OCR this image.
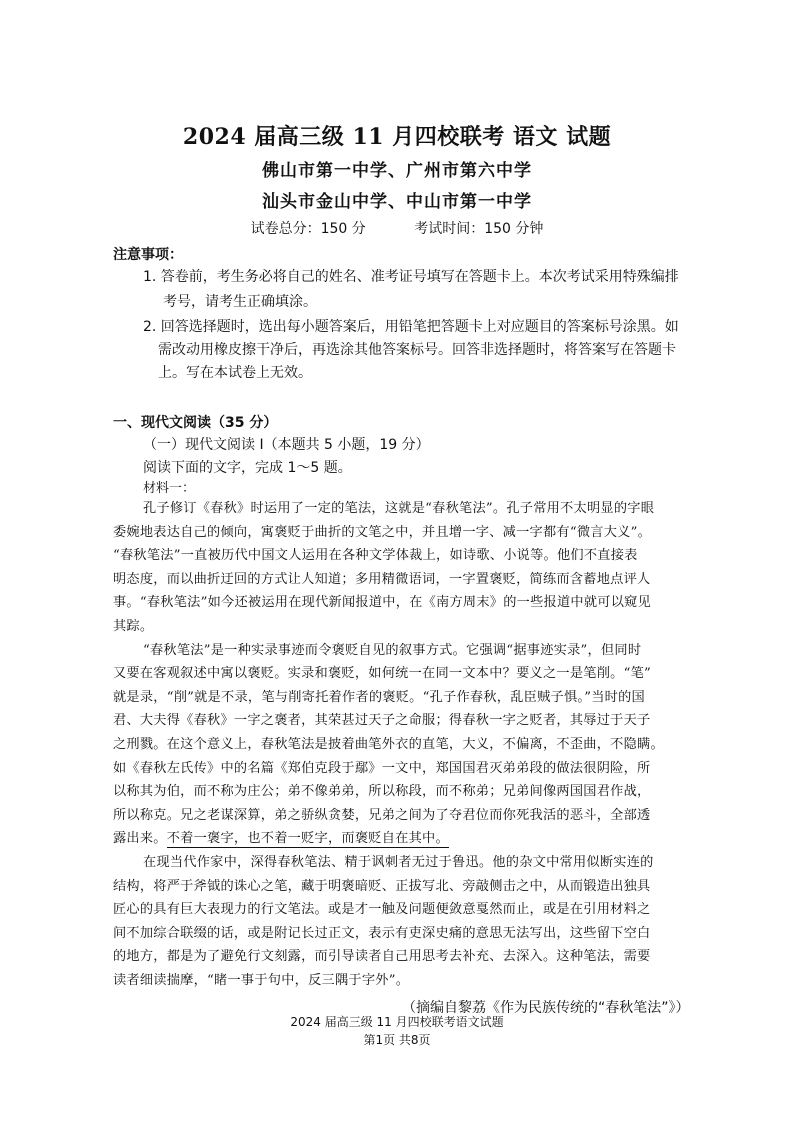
2024 届高三级 11 月四校联考 语文 试题
佛山市第一中学、广州市第六中学
汕头市金山中学、中山市第一中学
试卷总分：150 分	考试时间：150 分钟
注意事项：
1. 答卷前，考生务必将自己的姓名、准考证号填写在答题卡上。本次考试采用特殊编排
考号，请考生正确填涂。
2. 回答选择题时，选出每小题答案后，用铅笔把答题卡上对应题目的答案标号涂黑。如
需改动用橡皮擦干净后，再选涂其他答案标号。回答非选择题时，将答案写在答题卡
上。写在本试卷上无效。
一、现代文阅读（35 分）
（一）现代文阅读 I（本题共 5 小题，19 分）
阅读下面的文字，完成 1～5 题。
材料一：
孔子修订《春秋》时运用了一定的笔法，这就是“春秋笔法”。孔子常用不太明显的字眼
委婉地表达自己的倾向，寓褒贬于曲折的文笔之中，并且增一字、减一字都有“微言大义”。
“春秋笔法”一直被历代中国文人运用在各种文学体裁上，如诗歌、小说等。他们不直接表
明态度，而以曲折迂回的方式让人知道；多用精微语词，一字置褒贬，简练而含蓄地点评人
事。“春秋笔法”如今还被运用在现代新闻报道中，在《南方周末》的一些报道中就可以窥见
其踪。
“春秋笔法”是一种实录事迹而令褒贬自见的叙事方式。它强调“据事迹实录”，但同时
又要在客观叙述中寓以褒贬。实录和褒贬，如何统一在同一文本中？要义之一是笔削。“笔”
就是录，“削”就是不录，笔与削寄托着作者的褒贬。“孔子作春秋，乱臣贼子惧。”当时的国
君、大夫得《春秋》一字之褒者，其荣甚过天子之命服；得春秋一字之贬者，其辱过于天子
之刑戮。在这个意义上，春秋笔法是披着曲笔外衣的直笔，大义，不偏离，不歪曲，不隐瞒。
如《春秋左氏传》中的名篇《郑伯克段于鄢》一文中，郑国国君灭弟弟段的做法很阴险，所
以称其为伯，而不称为庄公；弟不像弟弟，所以称段，而不称弟；兄弟间像两国国君作战，
所以称克。兄之老谋深算，弟之骄纵贪婪，兄弟之间为了夺君位而你死我活的恶斗，全部透
露出来。不着一褒字，也不着一贬字，而褒贬自在其中。
在现当代作家中，深得春秋笔法、精于讽刺者无过于鲁迅。他的杂文中常用似断实连的
结构，将严于斧钺的诛心之笔，藏于明褒暗贬、正拔写北、旁敲侧击之中，从而锻造出独具
匠心的具有巨大表现力的行文笔法。或是才一触及问题便敛意戛然而止，或是在引用材料之
间不加综合联缀的话，或是附记长过正文，表示有吏深史痛的意思无法写出，这些留下空白
的地方，都是为了避免行文刻露，而引导读者自己用思考去补充、去深入。这种笔法，需要
读者细读揣摩，“睹一事于句中，反三隅于字外”。
（摘编自黎荔《作为民族传统的“春秋笔法”》）
2024 届高三级 11 月四校联考语文试题
第1页 共8页
